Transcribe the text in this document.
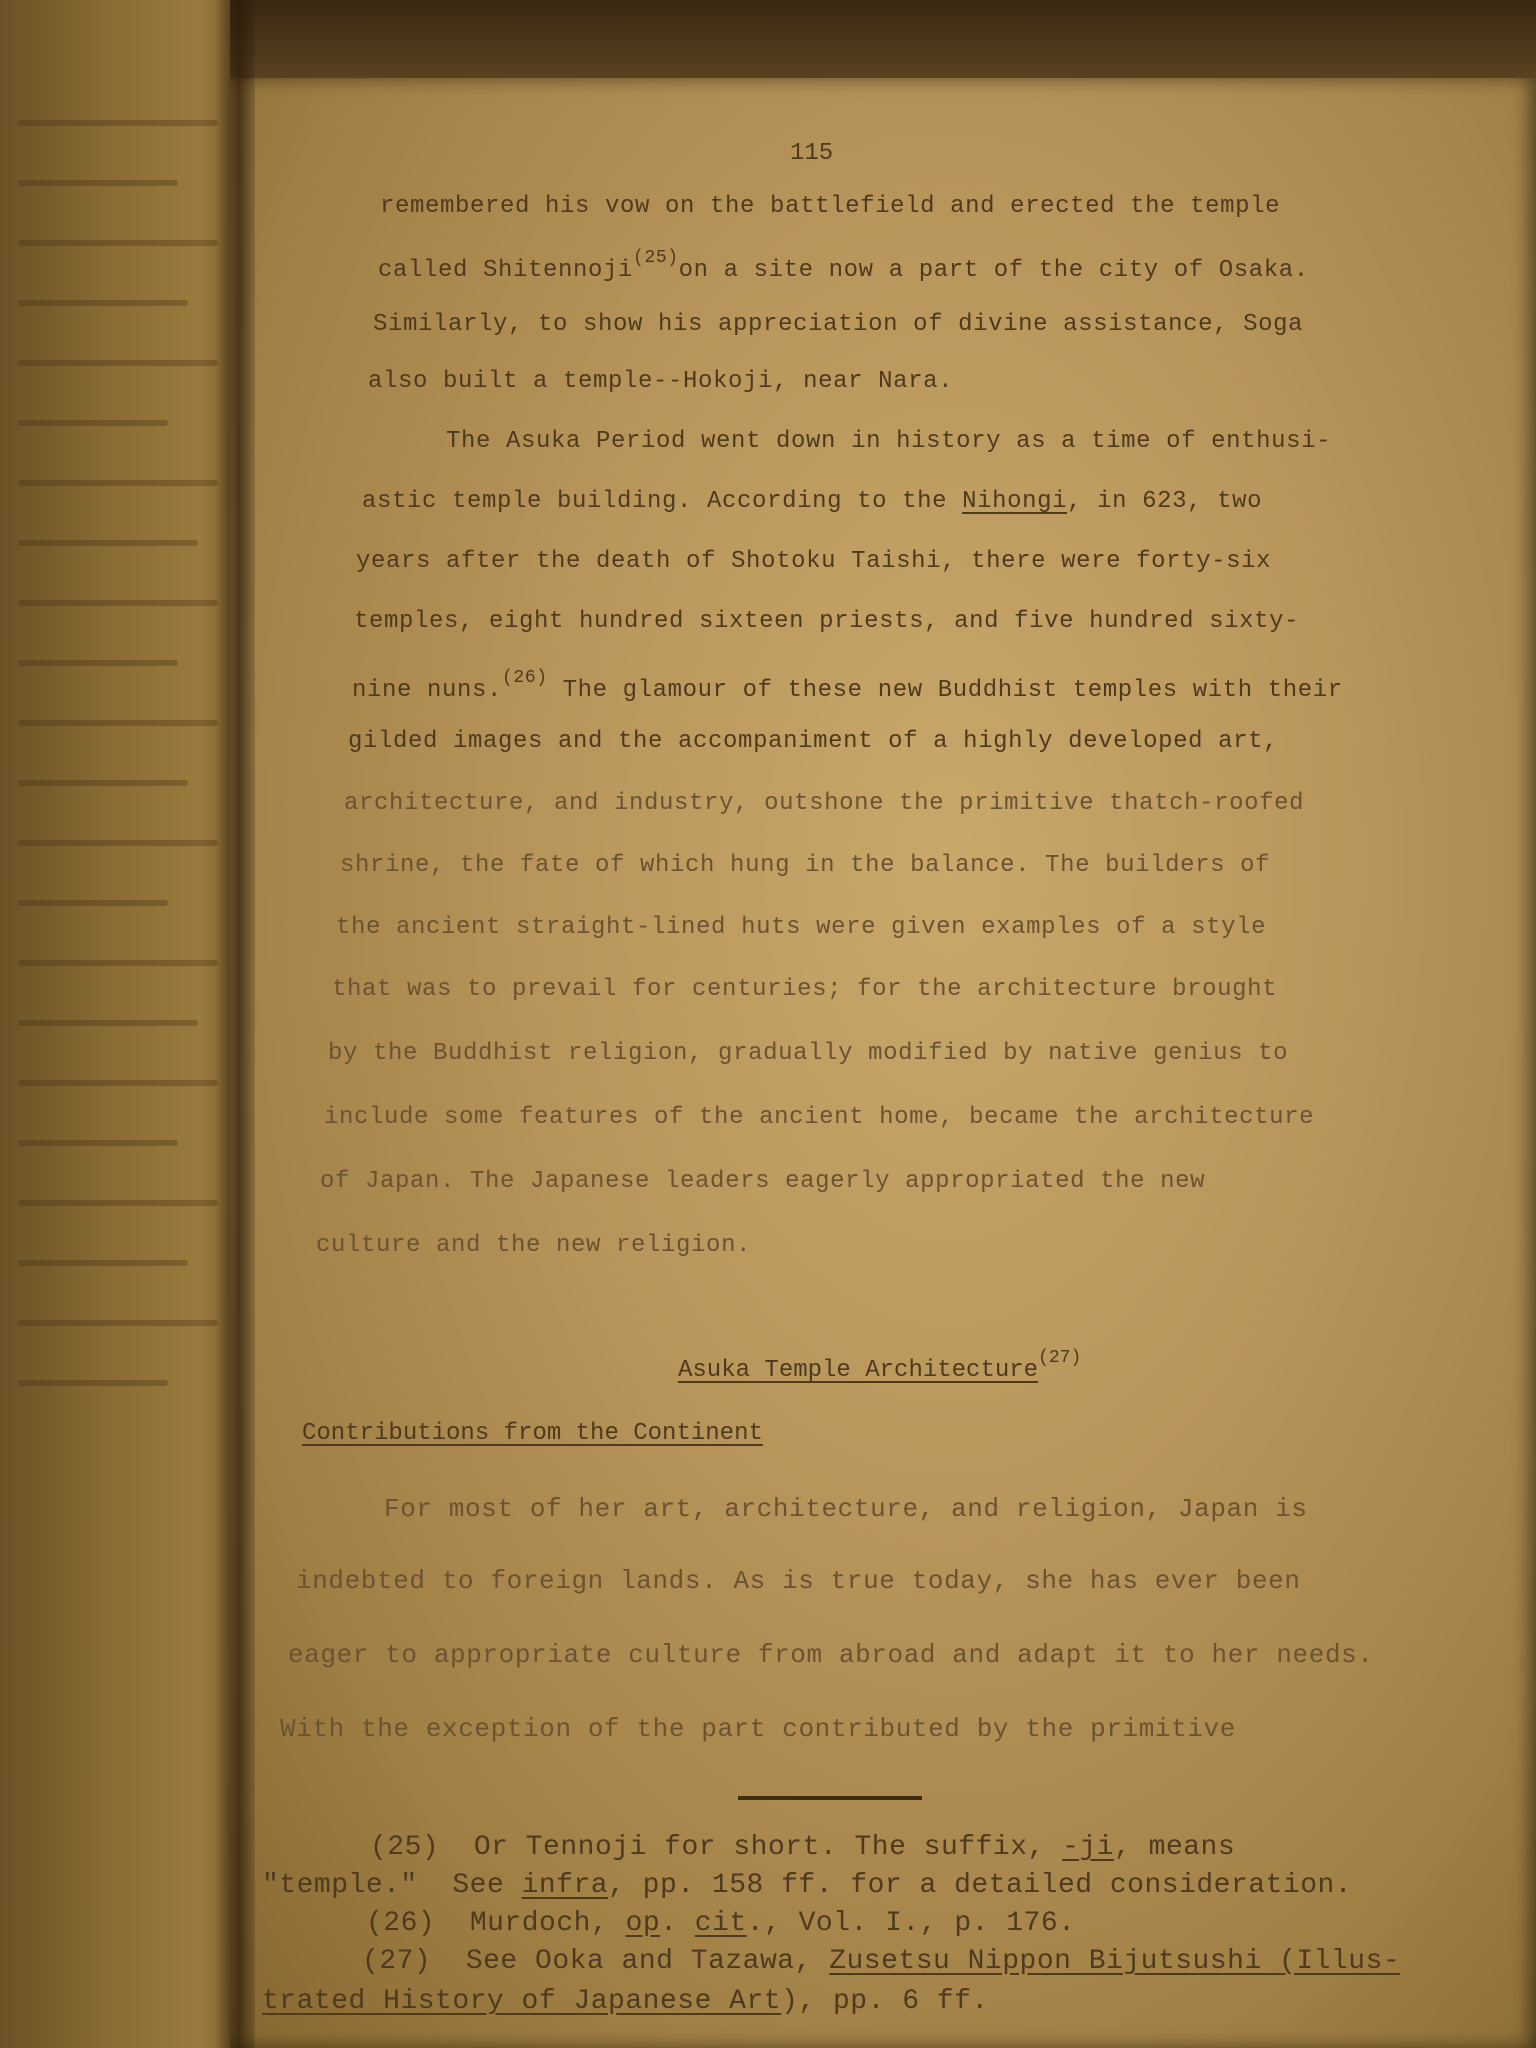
115
remembered his vow on the battlefield and erected the temple
called Shitennoji$^{(25)}$on a site now a part of the city of Osaka.
Similarly, to show his appreciation of divine assistance, Soga
also built a temple--Hokoji, near Nara.
The Asuka Period went down in history as a time of enthusi-
astic temple building. According to the Nihongi, in 623, two
years after the death of Shotoku Taishi, there were forty-six
temples, eight hundred sixteen priests, and five hundred sixty-
nine nuns.$^{(26)}$ The glamour of these new Buddhist temples with their
gilded images and the accompaniment of a highly developed art,
architecture, and industry, outshone the primitive thatch-roofed
shrine, the fate of which hung in the balance. The builders of
the ancient straight-lined huts were given examples of a style
that was to prevail for centuries; for the architecture brought
by the Buddhist religion, gradually modified by native genius to
include some features of the ancient home, became the architecture
of Japan. The Japanese leaders eagerly appropriated the new
culture and the new religion.
Asuka Temple Architecture$^{(27)}$
Contributions from the Continent
For most of her art, architecture, and religion, Japan is
indebted to foreign lands. As is true today, she has ever been
eager to appropriate culture from abroad and adapt it to her needs.
With the exception of the part contributed by the primitive
(25) Or Tennoji for short. The suffix, -ji, means
"temple." See infra, pp. 158 ff. for a detailed consideration.
(26) Murdoch, op. cit., Vol. I., p. 176.
(27) See Ooka and Tazawa, Zusetsu Nippon Bijutsushi (Illus-
trated History of Japanese Art), pp. 6 ff.
